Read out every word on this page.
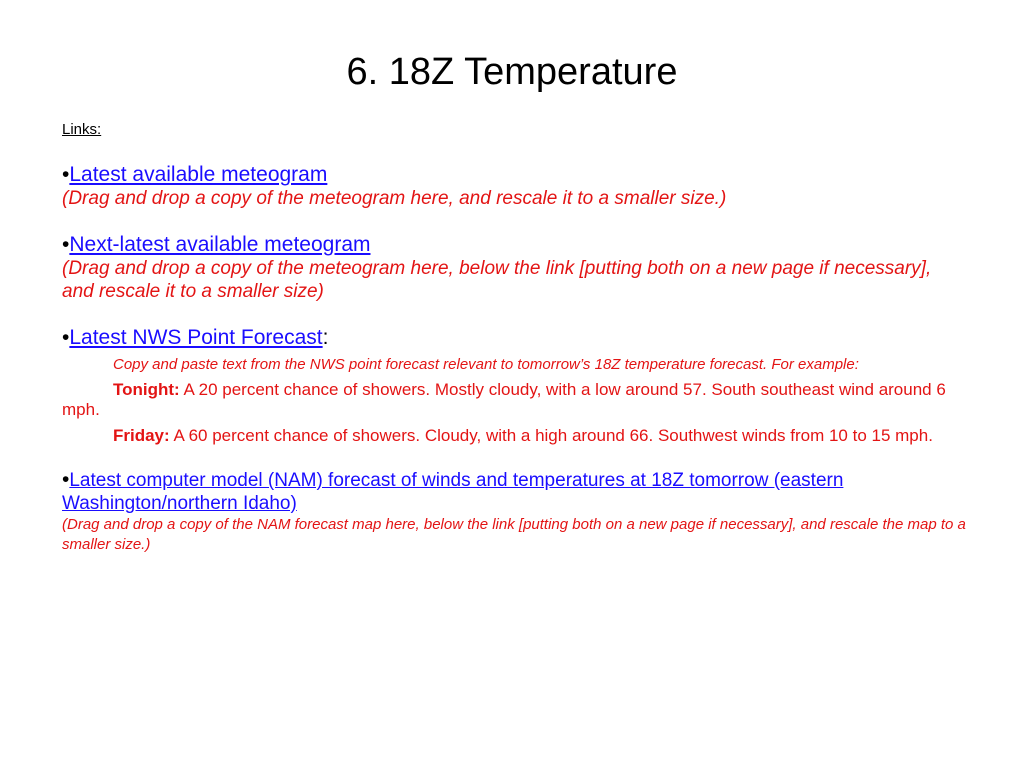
6. 18Z Temperature

Links:

•Latest available meteogram

(Drag and drop a copy of the meteogram here, and rescale it to a smaller size.)

•Next-latest available meteogram

(Drag and drop a copy of the meteogram here, below the link [putting both on a new page if necessary], and rescale it to a smaller size)

•Latest NWS Point Forecast:

Copy and paste text from the NWS point forecast relevant to tomorrow’s 18Z temperature forecast. For example:

Tonight: A 20 percent chance of showers. Mostly cloudy, with a low around 57. South southeast wind around 6 mph.

Friday: A 60 percent chance of showers. Cloudy, with a high around 66. Southwest winds from 10 to 15 mph.

•Latest computer model (NAM) forecast of winds and temperatures at 18Z tomorrow (eastern Washington/northern Idaho)

(Drag and drop a copy of the NAM forecast map here, below the link [putting both on a new page if necessary], and rescale the map to a smaller size.)
